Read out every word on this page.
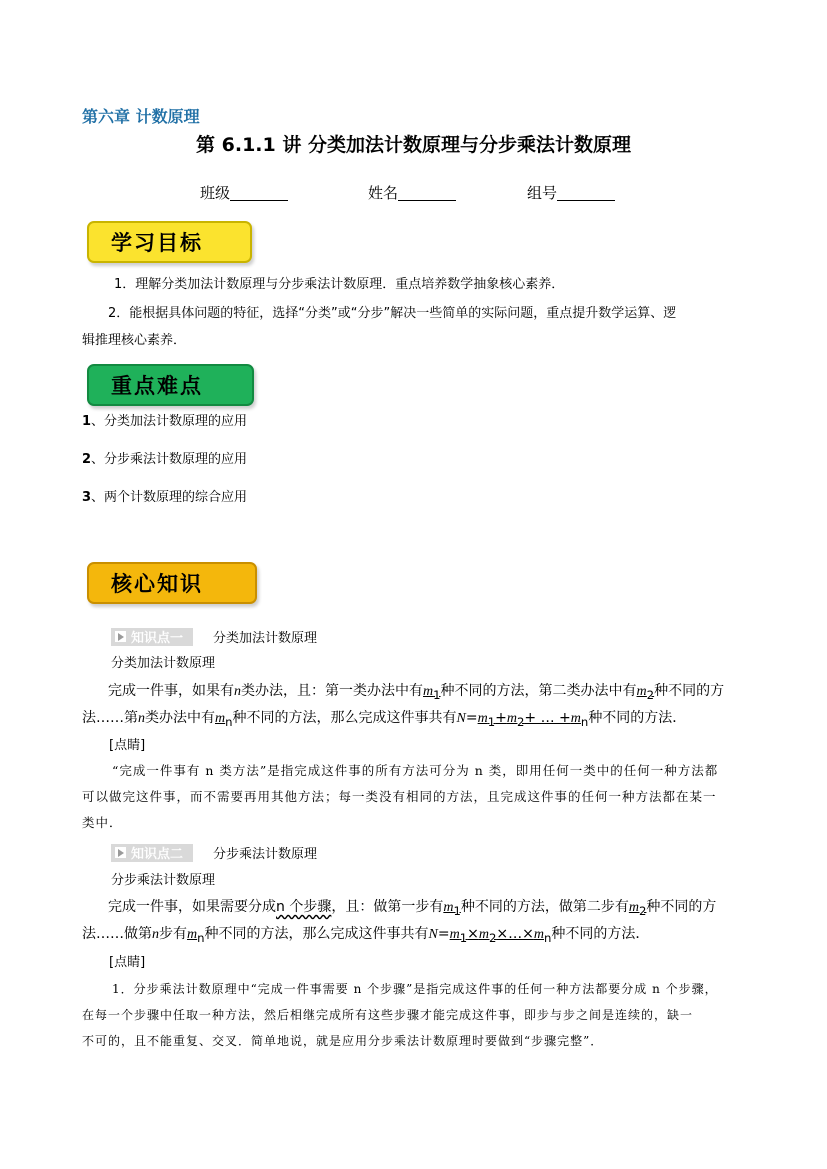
第六章 计数原理
第 6.1.1 讲 分类加法计数原理与分步乘法计数原理
班级	姓名	组号
学习目标
1．理解分类加法计数原理与分步乘法计数原理．重点培养数学抽象核心素养．
2．能根据具体问题的特征，选择“分类”或“分步”解决一些简单的实际问题，重点提升数学运算、逻
辑推理核心素养．
重点难点
1、分类加法计数原理的应用
2、分步乘法计数原理的应用
3、两个计数原理的综合应用
核心知识
知识点一 分类加法计数原理
分类加法计数原理
完成一件事，如果有n类办法，且：第一类办法中有$m_1$种不同的方法，第二类办法中有$m_2$种不同的方
法……第n类办法中有$m_n$种不同的方法，那么完成这件事共有$N=m_1+m_2+$ … $+m_n$种不同的方法．
[点睛]
“完成一件事有 n 类方法”是指完成这件事的所有方法可分为 n 类，即用任何一类中的任何一种方法都
可以做完这件事，而不需要再用其他方法；每一类没有相同的方法，且完成这件事的任何一种方法都在某一
类中．
知识点二 分步乘法计数原理
分步乘法计数原理
完成一件事，如果需要分成n 个步骤，且：做第一步有$m_1$种不同的方法，做第二步有$m_2$种不同的方
法……做第n步有$m_n$种不同的方法，那么完成这件事共有$N=m_1\times m_2\times\dots\times m_n$种不同的方法．
[点睛]
1．分步乘法计数原理中“完成一件事需要 n 个步骤”是指完成这件事的任何一种方法都要分成 n 个步骤，
在每一个步骤中任取一种方法，然后相继完成所有这些步骤才能完成这件事，即步与步之间是连续的，缺一
不可的，且不能重复、交叉．简单地说，就是应用分步乘法计数原理时要做到“步骤完整”．
